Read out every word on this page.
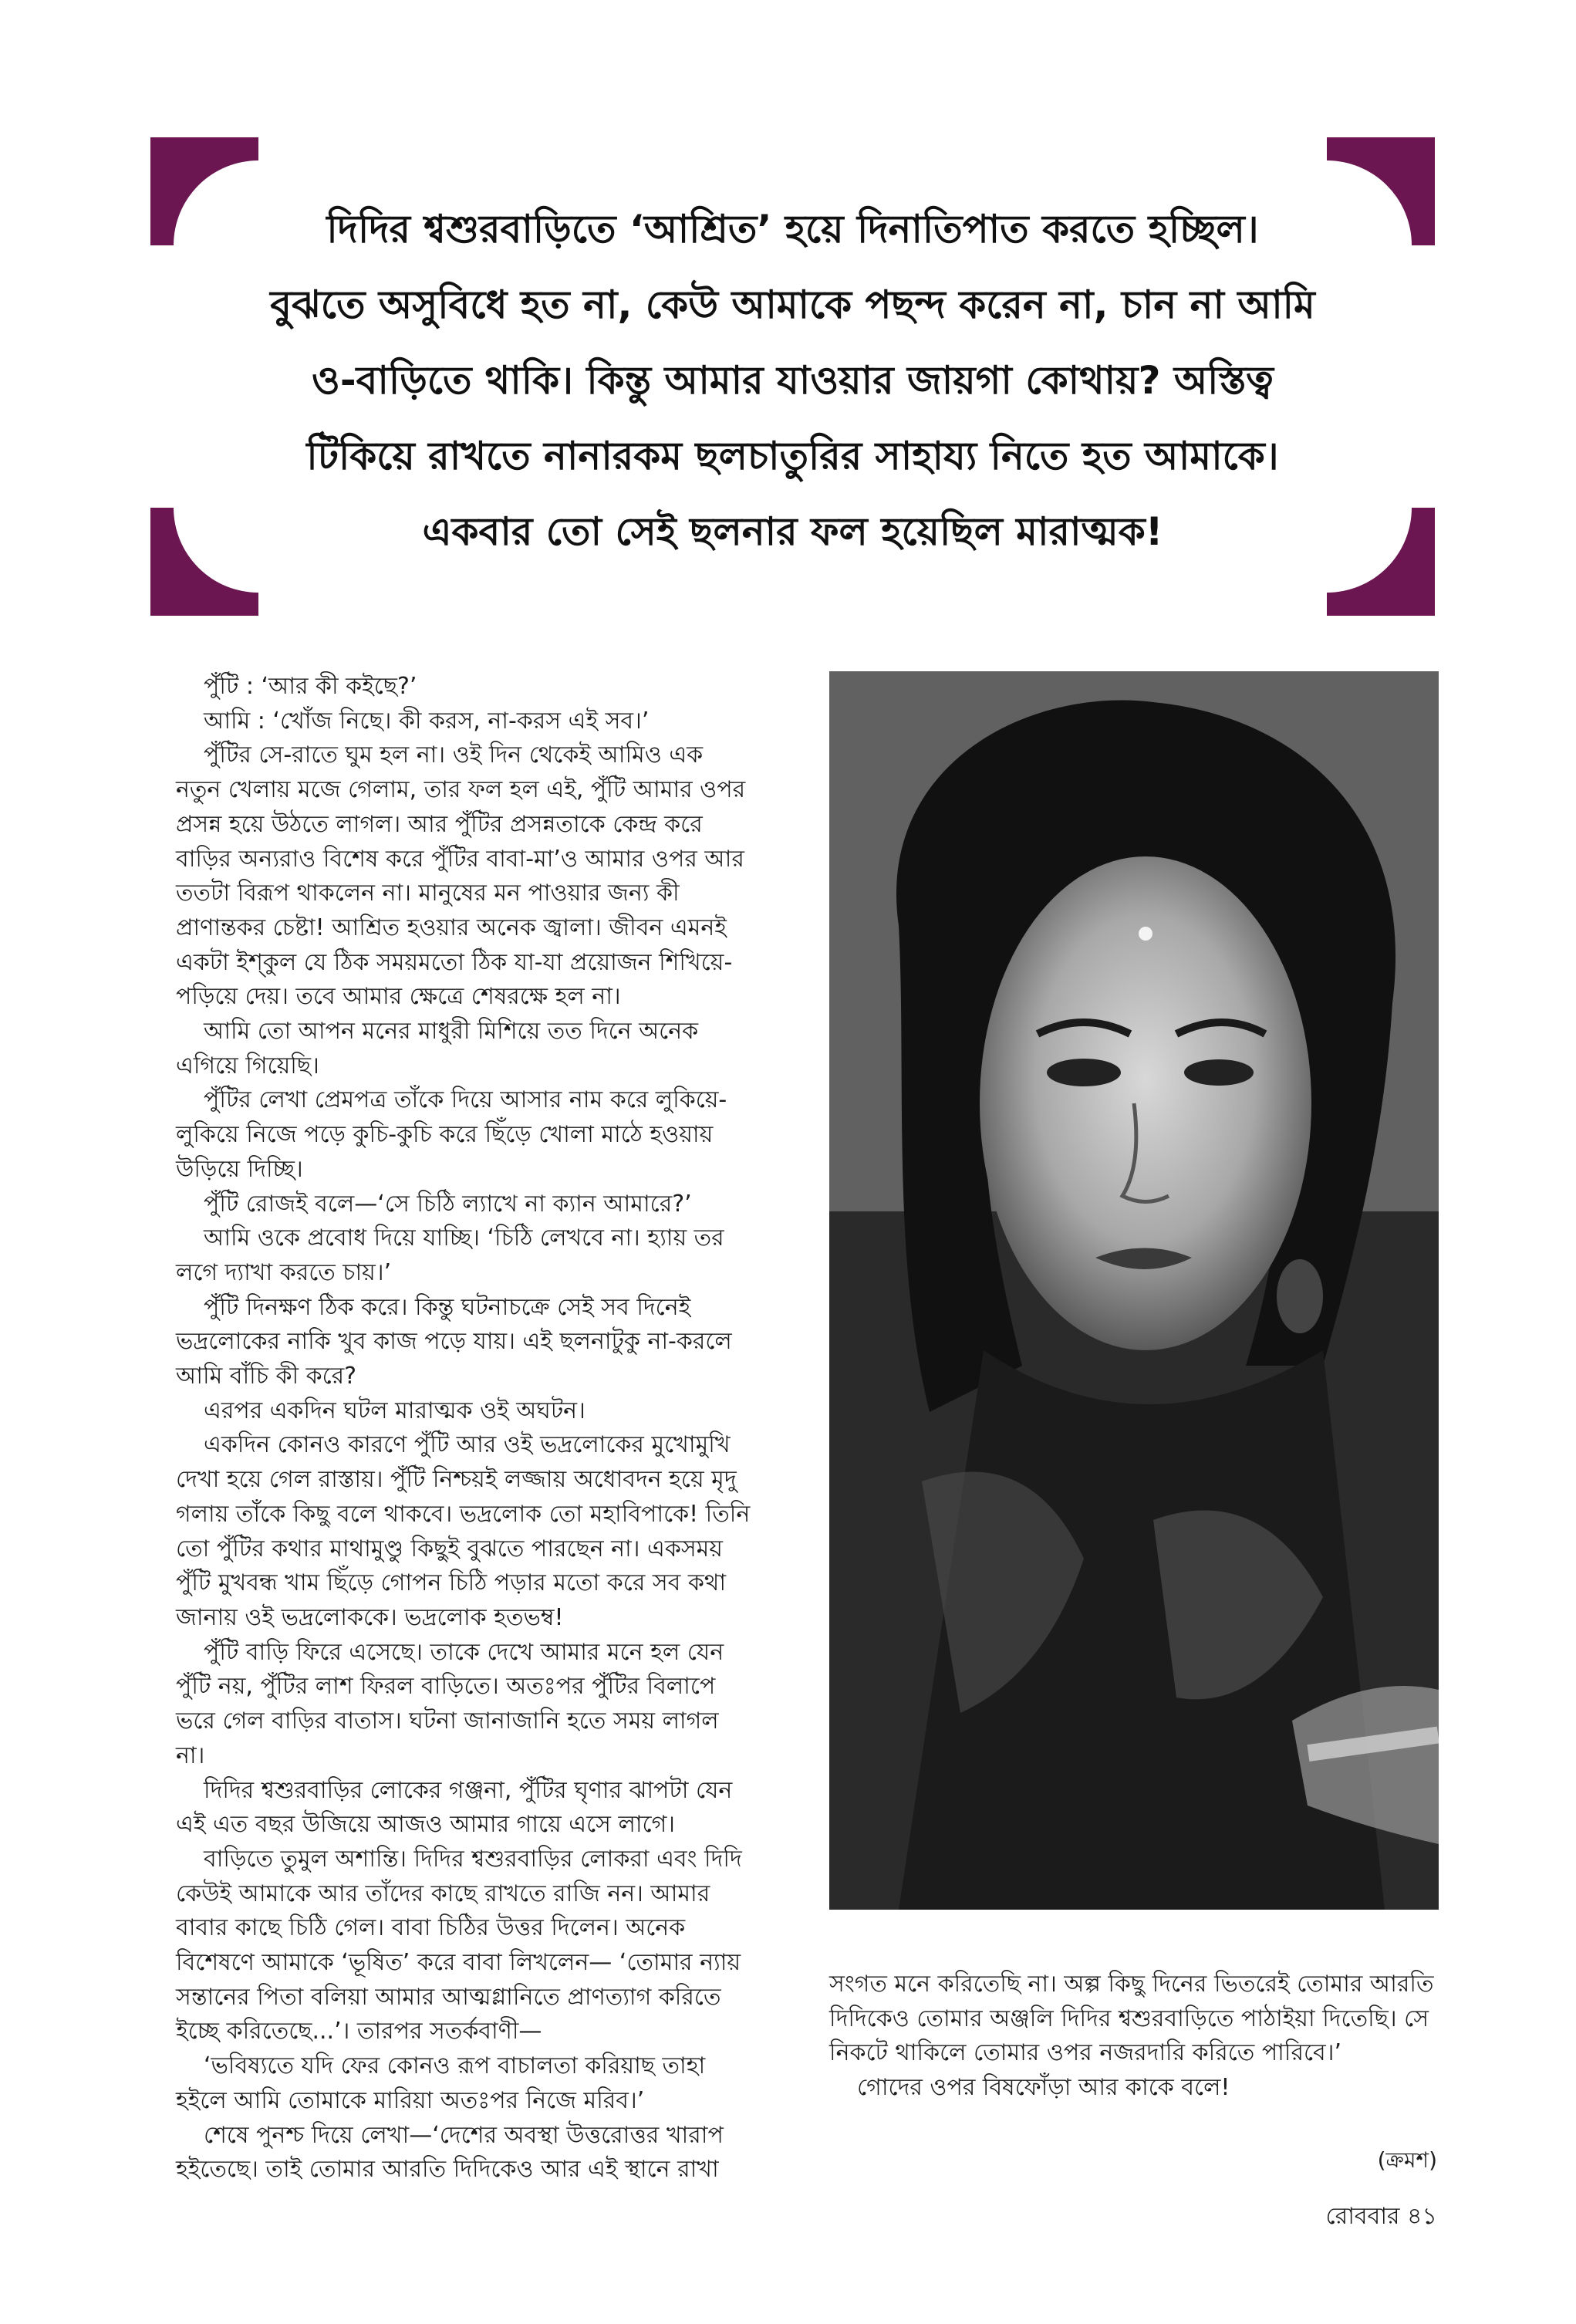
দিদির শ্বশুরবাড়িতে ‘আশ্রিত’ হয়ে দিনাতিপাত করতে হচ্ছিল।
বুঝতে অসুবিধে হত না, কেউ আমাকে পছন্দ করেন না, চান না আমি
ও-বাড়িতে থাকি। কিন্তু আমার যাওয়ার জায়গা কোথায়? অস্তিত্ব
টিকিয়ে রাখতে নানারকম ছলচাতুরির সাহায্য নিতে হত আমাকে।
একবার তো সেই ছলনার ফল হয়েছিল মারাত্মক!

পুঁটি : ‘আর কী কইছে?’

আমি : ‘খোঁজ নিছে। কী করস, না-করস এই সব।’

পুঁটির সে-রাতে ঘুম হল না। ওই দিন থেকেই আমিও এক নতুন খেলায় মজে গেলাম, তার ফল হল এই, পুঁটি আমার ওপর প্রসন্ন হয়ে উঠতে লাগল। আর পুঁটির প্রসন্নতাকে কেন্দ্র করে বাড়ির অন্যরাও বিশেষ করে পুঁটির বাবা-মা’ও আমার ওপর আর ততটা বিরূপ থাকলেন না। মানুষের মন পাওয়ার জন্য কী প্রাণান্তকর চেষ্টা! আশ্রিত হওয়ার অনেক জ্বালা। জীবন এমনই একটা ইশ্‌কুল যে ঠিক সময়মতো ঠিক যা-যা প্রয়োজন শিখিয়ে-পড়িয়ে দেয়। তবে আমার ক্ষেত্রে শেষরক্ষে হল না।

আমি তো আপন মনের মাধুরী মিশিয়ে তত দিনে অনেক এগিয়ে গিয়েছি।

পুঁটির লেখা প্রেমপত্র তাঁকে দিয়ে আসার নাম করে লুকিয়ে-লুকিয়ে নিজে পড়ে কুচি-কুচি করে ছিঁড়ে খোলা মাঠে হওয়ায় উড়িয়ে দিচ্ছি।

পুঁটি রোজই বলে—‘সে চিঠি ল্যাখে না ক্যান আমারে?’

আমি ওকে প্রবোধ দিয়ে যাচ্ছি। ‘চিঠি লেখবে না। হ্যায় তর লগে দ্যাখা করতে চায়।’

পুঁটি দিনক্ষণ ঠিক করে। কিন্তু ঘটনাচক্রে সেই সব দিনেই ভদ্রলোকের নাকি খুব কাজ পড়ে যায়। এই ছলনাটুকু না-করলে আমি বাঁচি কী করে?

এরপর একদিন ঘটল মারাত্মক ওই অঘটন।

একদিন কোনও কারণে পুঁটি আর ওই ভদ্রলোকের মুখোমুখি দেখা হয়ে গেল রাস্তায়। পুঁটি নিশ্চয়ই লজ্জায় অধোবদন হয়ে মৃদু গলায় তাঁকে কিছু বলে থাকবে। ভদ্রলোক তো মহাবিপাকে! তিনি তো পুঁটির কথার মাথামুণ্ডু কিছুই বুঝতে পারছেন না। একসময় পুঁটি মুখবন্ধ খাম ছিঁড়ে গোপন চিঠি পড়ার মতো করে সব কথা জানায় ওই ভদ্রলোককে। ভদ্রলোক হতভম্ব!

পুঁটি বাড়ি ফিরে এসেছে। তাকে দেখে আমার মনে হল যেন পুঁটি নয়, পুঁটির লাশ ফিরল বাড়িতে। অতঃপর পুঁটির বিলাপে ভরে গেল বাড়ির বাতাস। ঘটনা জানাজানি হতে সময় লাগল না।

দিদির শ্বশুরবাড়ির লোকের গঞ্জনা, পুঁটির ঘৃণার ঝাপটা যেন এই এত বছর উজিয়ে আজও আমার গায়ে এসে লাগে।

বাড়িতে তুমুল অশান্তি। দিদির শ্বশুরবাড়ির লোকরা এবং দিদি কেউই আমাকে আর তাঁদের কাছে রাখতে রাজি নন। আমার বাবার কাছে চিঠি গেল। বাবা চিঠির উত্তর দিলেন। অনেক বিশেষণে আমাকে ‘ভূষিত’ করে বাবা লিখলেন— ‘তোমার ন্যায় সন্তানের পিতা বলিয়া আমার আত্মগ্লানিতে প্রাণত্যাগ করিতে ইচ্ছে করিতেছে...’। তারপর সতর্কবাণী—

‘ভবিষ্যতে যদি ফের কোনও রূপ বাচালতা করিয়াছ তাহা হইলে আমি তোমাকে মারিয়া অতঃপর নিজে মরিব।’

শেষে পুনশ্চ দিয়ে লেখা—‘দেশের অবস্থা উত্তরোত্তর খারাপ হইতেছে। তাই তোমার আরতি দিদিকেও আর এই স্থানে রাখা

সংগত মনে করিতেছি না। অল্প কিছু দিনের ভিতরেই তোমার আরতি দিদিকেও তোমার অঞ্জলি দিদির শ্বশুরবাড়িতে পাঠাইয়া দিতেছি। সে নিকটে থাকিলে তোমার ওপর নজরদারি করিতে পারিবে।’

গোদের ওপর বিষফোঁড়া আর কাকে বলে!

(ক্রমশ)
রোববার ৪১
